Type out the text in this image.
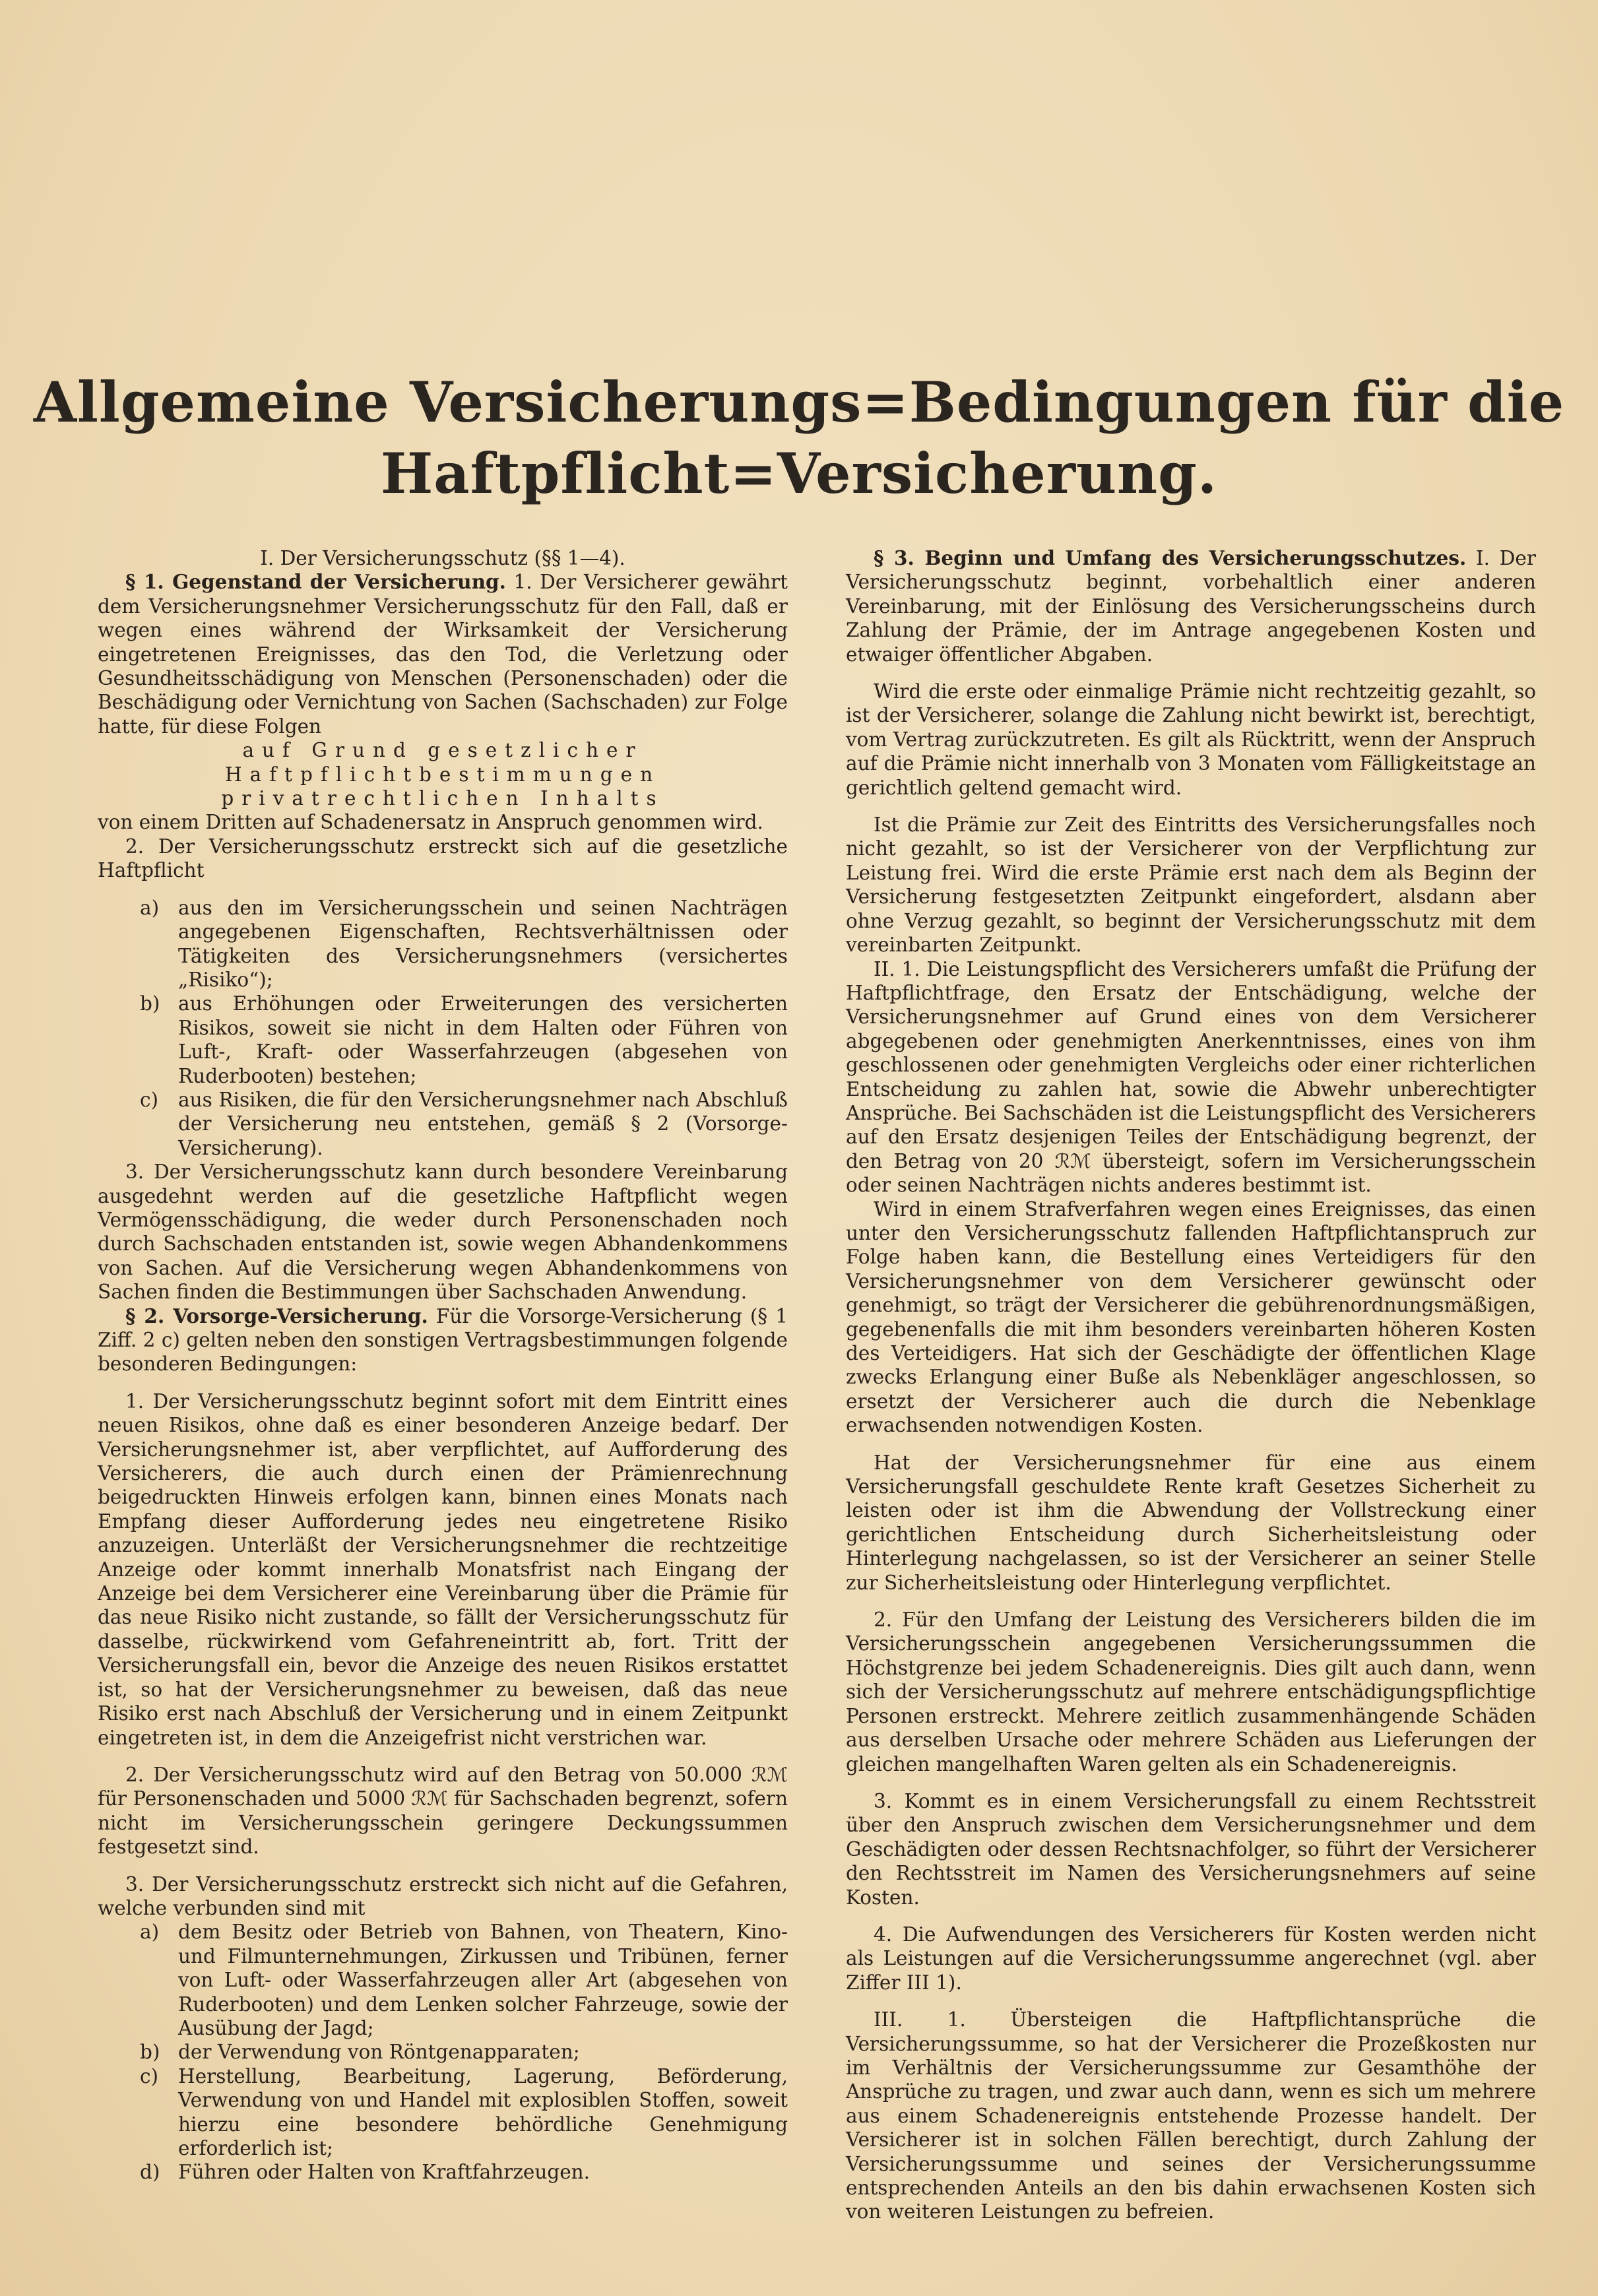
Allgemeine Versicherungs=Bedingungen für die
Haftpflicht=Versicherung.

I. Der Versicherungsschutz (§§ 1—4).

§ 1. Gegenstand der Versicherung. 1. Der Versicherer gewährt dem Versicherungsnehmer Versicherungsschutz für den Fall, daß er wegen eines während der Wirksamkeit der Versicherung eingetretenen Ereignisses, das den Tod, die Verletzung oder Gesundheitsschädigung von Menschen (Personenschaden) oder die Beschädigung oder Vernichtung von Sachen (Sachschaden) zur Folge hatte, für diese Folgen

auf Grund gesetzlicher Haftpflichtbestimmungen

privatrechtlichen Inhalts

von einem Dritten auf Schadenersatz in Anspruch genommen wird.

2. Der Versicherungsschutz erstreckt sich auf die gesetzliche Haftpflicht

a) aus den im Versicherungsschein und seinen Nachträgen angegebenen Eigenschaften, Rechtsverhältnissen oder Tätigkeiten des Versicherungsnehmers (versichertes „Risiko“);
b) aus Erhöhungen oder Erweiterungen des versicherten Risikos, soweit sie nicht in dem Halten oder Führen von Luft-, Kraft- oder Wasserfahrzeugen (abgesehen von Ruderbooten) bestehen;
c)	aus Risiken, die für den Versicherungsnehmer nach Abschluß der Versicherung neu entstehen, gemäß § 2 (Vorsorge-Versicherung).

3. Der Versicherungsschutz kann durch besondere Vereinbarung ausgedehnt werden auf die gesetzliche Haftpflicht wegen Vermögensschädigung, die weder durch Personenschaden noch durch Sachschaden entstanden ist, sowie wegen Abhandenkommens von Sachen. Auf die Versicherung wegen Abhandenkommens von Sachen finden die Bestimmungen über Sachschaden Anwendung.

§ 2. Vorsorge-Versicherung. Für die Vorsorge-Versicherung (§ 1 Ziff. 2 c) gelten neben den sonstigen Vertragsbestimmungen folgende besonderen Bedingungen:

1. Der Versicherungsschutz beginnt sofort mit dem Eintritt eines neuen Risikos, ohne daß es einer besonderen Anzeige bedarf. Der Versicherungsnehmer ist, aber verpflichtet, auf Aufforderung des Versicherers, die auch durch einen der Prämienrechnung beigedruckten Hinweis erfolgen kann, binnen eines Monats nach Empfang dieser Aufforderung jedes neu eingetretene Risiko anzuzeigen. Unterläßt der Versicherungsnehmer die rechtzeitige Anzeige oder kommt innerhalb Monatsfrist nach Eingang der Anzeige bei dem Versicherer eine Vereinbarung über die Prämie für das neue Risiko nicht zustande, so fällt der Versicherungsschutz für dasselbe, rückwirkend vom Gefahreneintritt ab, fort. Tritt der Versicherungsfall ein, bevor die Anzeige des neuen Risikos erstattet ist, so hat der Versicherungsnehmer zu beweisen, daß das neue Risiko erst nach Abschluß der Versicherung und in einem Zeitpunkt eingetreten ist, in dem die Anzeigefrist nicht verstrichen war.

2. Der Versicherungsschutz wird auf den Betrag von 50.000 ℛℳ für Personenschaden und 5000 ℛℳ für Sachschaden begrenzt, sofern nicht im Versicherungsschein geringere Deckungssummen festgesetzt sind.

3. Der Versicherungsschutz erstreckt sich nicht auf die Gefahren, welche verbunden sind mit

a) dem Besitz oder Betrieb von Bahnen, von Theatern, Kino- und Filmunternehmungen, Zirkussen und Tribünen, ferner von Luft- oder Wasserfahrzeugen aller Art (abgesehen von Ruderbooten) und dem Lenken solcher Fahrzeuge, sowie der Ausübung der Jagd;
b) der Verwendung von Röntgenapparaten;
c)	Herstellung, Bearbeitung, Lagerung, Beförderung, Verwendung von und Handel mit explosiblen Stoffen, soweit hierzu eine besondere behördliche Genehmigung erforderlich ist;
d) Führen oder Halten von Kraftfahrzeugen.

§ 3. Beginn und Umfang des Versicherungsschutzes. I. Der Versicherungsschutz beginnt, vorbehaltlich einer anderen Vereinbarung, mit der Einlösung des Versicherungsscheins durch Zahlung der Prämie, der im Antrage angegebenen Kosten und etwaiger öffentlicher Abgaben.

Wird die erste oder einmalige Prämie nicht rechtzeitig gezahlt, so ist der Versicherer, solange die Zahlung nicht bewirkt ist, berechtigt, vom Vertrag zurückzutreten. Es gilt als Rücktritt, wenn der Anspruch auf die Prämie nicht innerhalb von 3 Monaten vom Fälligkeitstage an gerichtlich geltend gemacht wird.

Ist die Prämie zur Zeit des Eintritts des Versicherungsfalles noch nicht gezahlt, so ist der Versicherer von der Verpflichtung zur Leistung frei. Wird die erste Prämie erst nach dem als Beginn der Versicherung festgesetzten Zeitpunkt eingefordert, alsdann aber ohne Verzug gezahlt, so beginnt der Versicherungsschutz mit dem vereinbarten Zeitpunkt.

II. 1. Die Leistungspflicht des Versicherers umfaßt die Prüfung der Haftpflichtfrage, den Ersatz der Entschädigung, welche der Versicherungsnehmer auf Grund eines von dem Versicherer abgegebenen oder genehmigten Anerkenntnisses, eines von ihm geschlossenen oder genehmigten Vergleichs oder einer richterlichen Entscheidung zu zahlen hat, sowie die Abwehr unberechtigter Ansprüche. Bei Sachschäden ist die Leistungspflicht des Versicherers auf den Ersatz desjenigen Teiles der Entschädigung begrenzt, der den Betrag von 20 ℛℳ übersteigt, sofern im Versicherungsschein oder seinen Nachträgen nichts anderes bestimmt ist.

Wird in einem Strafverfahren wegen eines Ereignisses, das einen unter den Versicherungsschutz fallenden Haftpflichtanspruch zur Folge haben kann, die Bestellung eines Verteidigers für den Versicherungsnehmer von dem Versicherer gewünscht oder genehmigt, so trägt der Versicherer die gebührenordnungsmäßigen, gegebenenfalls die mit ihm besonders vereinbarten höheren Kosten des Verteidigers. Hat sich der Geschädigte der öffentlichen Klage zwecks Erlangung einer Buße als Nebenkläger angeschlossen, so ersetzt der Versicherer auch die durch die Nebenklage erwachsenden notwendigen Kosten.

Hat der Versicherungsnehmer für eine aus einem Versicherungsfall geschuldete Rente kraft Gesetzes Sicherheit zu leisten oder ist ihm die Abwendung der Vollstreckung einer gerichtlichen Entscheidung durch Sicherheitsleistung oder Hinterlegung nachgelassen, so ist der Versicherer an seiner Stelle zur Sicherheitsleistung oder Hinterlegung verpflichtet.

2. Für den Umfang der Leistung des Versicherers bilden die im Versicherungsschein angegebenen Versicherungssummen die Höchstgrenze bei jedem Schadenereignis. Dies gilt auch dann, wenn sich der Versicherungsschutz auf mehrere entschädigungspflichtige Personen erstreckt. Mehrere zeitlich zusammenhängende Schäden aus derselben Ursache oder mehrere Schäden aus Lieferungen der gleichen mangelhaften Waren gelten als ein Schadenereignis.

3. Kommt es in einem Versicherungsfall zu einem Rechtsstreit über den Anspruch zwischen dem Versicherungsnehmer und dem Geschädigten oder dessen Rechtsnachfolger, so führt der Versicherer den Rechtsstreit im Namen des Versicherungsnehmers auf seine Kosten.

4. Die Aufwendungen des Versicherers für Kosten werden nicht als Leistungen auf die Versicherungssumme angerechnet (vgl. aber Ziffer III 1).

III. 1. Übersteigen die Haftpflichtansprüche die Versicherungssumme, so hat der Versicherer die Prozeßkosten nur im Verhältnis der Versicherungssumme zur Gesamthöhe der Ansprüche zu tragen, und zwar auch dann, wenn es sich um mehrere aus einem Schadenereignis entstehende Prozesse handelt. Der Versicherer ist in solchen Fällen berechtigt, durch Zahlung der Versicherungssumme und seines der Versicherungssumme entsprechenden Anteils an den bis dahin erwachsenen Kosten sich von weiteren Leistungen zu befreien.
